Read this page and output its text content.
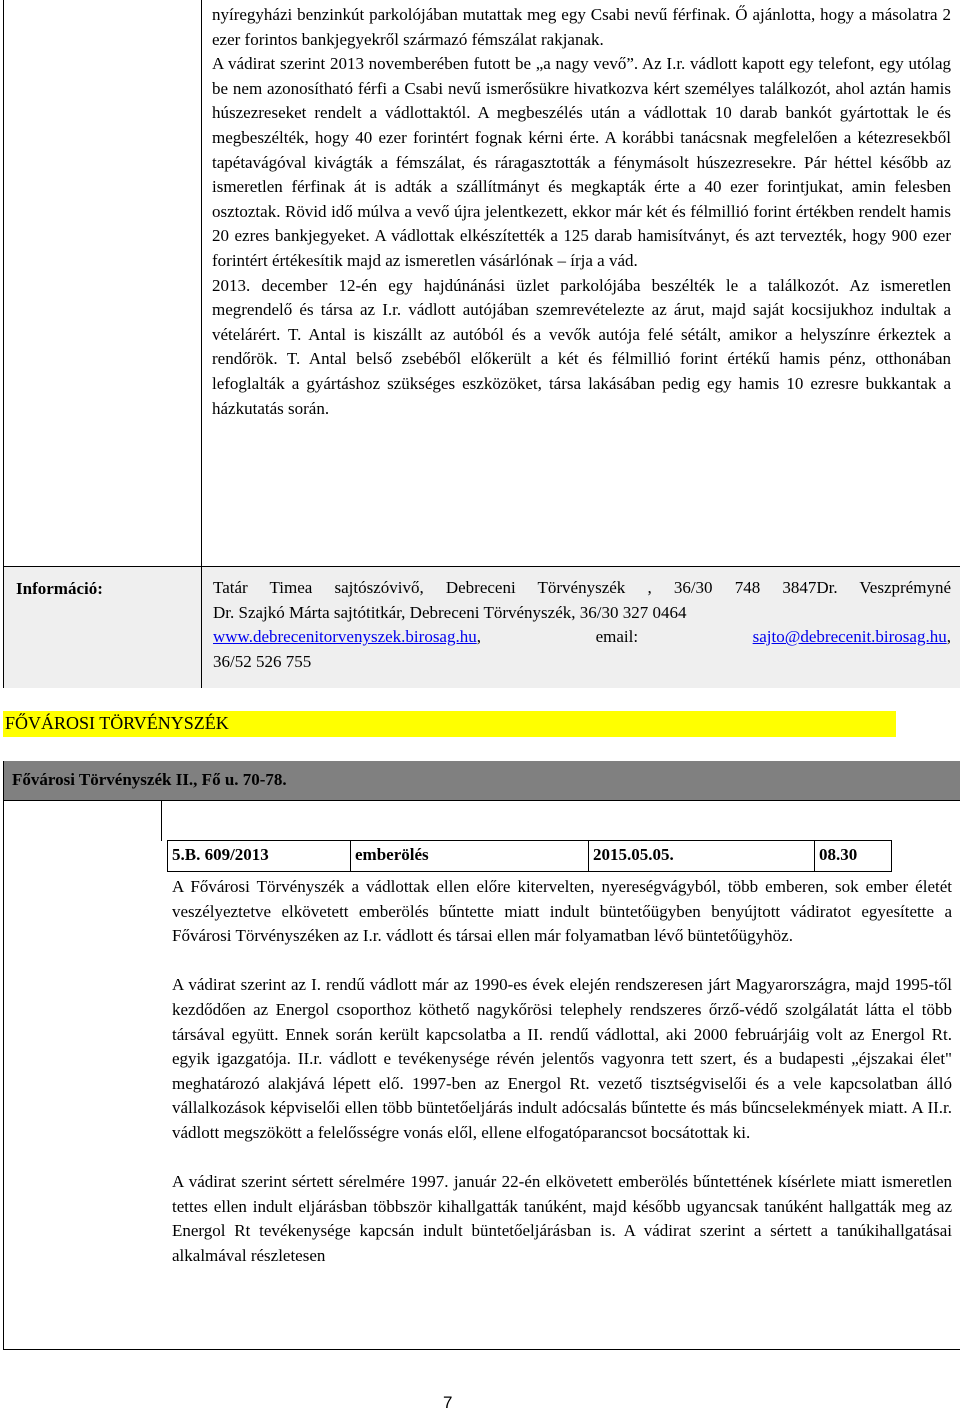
nyíregyházi benzinkút parkolójában mutattak meg egy Csabi nevű férfinak. Ő ajánlotta, hogy a másolatra 2 ezer forintos bankjegyekről származó fémszálat rakjanak.

A vádirat szerint 2013 novemberében futott be „a nagy vevő”. Az I.r. vádlott kapott egy telefont, egy utólag be nem azonosítható férfi a Csabi nevű ismerősükre hivatkozva kért személyes találkozót, ahol aztán hamis húszezreseket rendelt a vádlottaktól. A megbeszélés után a vádlottak 10 darab bankót gyártottak le és megbeszélték, hogy 40 ezer forintért fognak kérni érte. A korábbi tanácsnak megfelelően a kétezresekből tapétavágóval kivágták a fémszálat, és ráragasztották a fénymásolt húszezresekre. Pár héttel később az ismeretlen férfinak át is adták a szállítmányt és megkapták érte a 40 ezer forintjukat, amin felesben osztoztak. Rövid idő múlva a vevő újra jelentkezett, ekkor már két és félmillió forint értékben rendelt hamis 20 ezres bankjegyeket. A vádlottak elkészítették a 125 darab hamisítványt, és azt tervezték, hogy 900 ezer forintért értékesítik majd az ismeretlen vásárlónak – írja a vád.

2013. december 12-én egy hajdúnánási üzlet parkolójába beszélték le a találkozót. Az ismeretlen megrendelő és társa az I.r. vádlott autójában szemrevételezte az árut, majd saját kocsijukhoz indultak a vételárért. T. Antal is kiszállt az autóból és a vevők autója felé sétált, amikor a helyszínre érkeztek a rendőrök. T. Antal belső zsebéből előkerült a két és félmillió forint értékű hamis pénz, otthonában lefoglalták a gyártáshoz szükséges eszközöket, társa lakásában pedig egy hamis 10 ezresre bukkantak a házkutatás során.

Információ:	Tatár Timea sajtószóvivő, Debreceni Törvényszék , 36/30 748 3847Dr. Veszprémyné
Dr. Szajkó Márta sajtótitkár, Debreceni Törvényszék, 36/30 327 0464
www.debrecenitorvenyszek.birosag.hu,	email:	sajto@debrecenit.birosag.hu,
36/52 526 755
FŐVÁROSI TÖRVÉNYSZÉK
Fővárosi Törvényszék II., Fő u. 70-78.
5.B. 609/2013	emberölés	2015.05.05.	08.30

A Fővárosi Törvényszék a vádlottak ellen előre kitervelten, nyereségvágyból, több emberen, sok ember életét veszélyeztetve elkövetett emberölés bűntette miatt indult büntetőügyben benyújtott vádiratot egyesítette a Fővárosi Törvényszéken az I.r. vádlott és társai ellen már folyamatban lévő büntetőügyhöz.

A vádirat szerint az I. rendű vádlott már az 1990-es évek elején rendszeresen járt Magyarországra, majd 1995-től kezdődően az Energol csoporthoz köthető nagykőrösi telephely rendszeres őrző-védő szolgálatát látta el több társával együtt. Ennek során került kapcsolatba a II. rendű vádlottal, aki 2000 februárjáig volt az Energol Rt. egyik igazgatója. II.r. vádlott e tevékenysége révén jelentős vagyonra tett szert, és a budapesti „éjszakai élet" meghatározó alakjává lépett elő. 1997-ben az Energol Rt. vezető tisztségviselői és a vele kapcsolatban álló vállalkozások képviselői ellen több büntetőeljárás indult adócsalás bűntette és más bűncselekmények miatt. A II.r. vádlott megszökött a felelősségre vonás elől, ellene elfogatóparancsot bocsátottak ki.

A vádirat szerint sértett sérelmére 1997. január 22-én elkövetett emberölés bűntettének kísérlete miatt ismeretlen tettes ellen indult eljárásban többször kihallgatták tanúként, majd később ugyancsak tanúként hallgatták meg az Energol Rt tevékenysége kapcsán indult büntetőeljárásban is. A vádirat szerint a sértett a tanúkihallgatásai alkalmával részletesen

7
